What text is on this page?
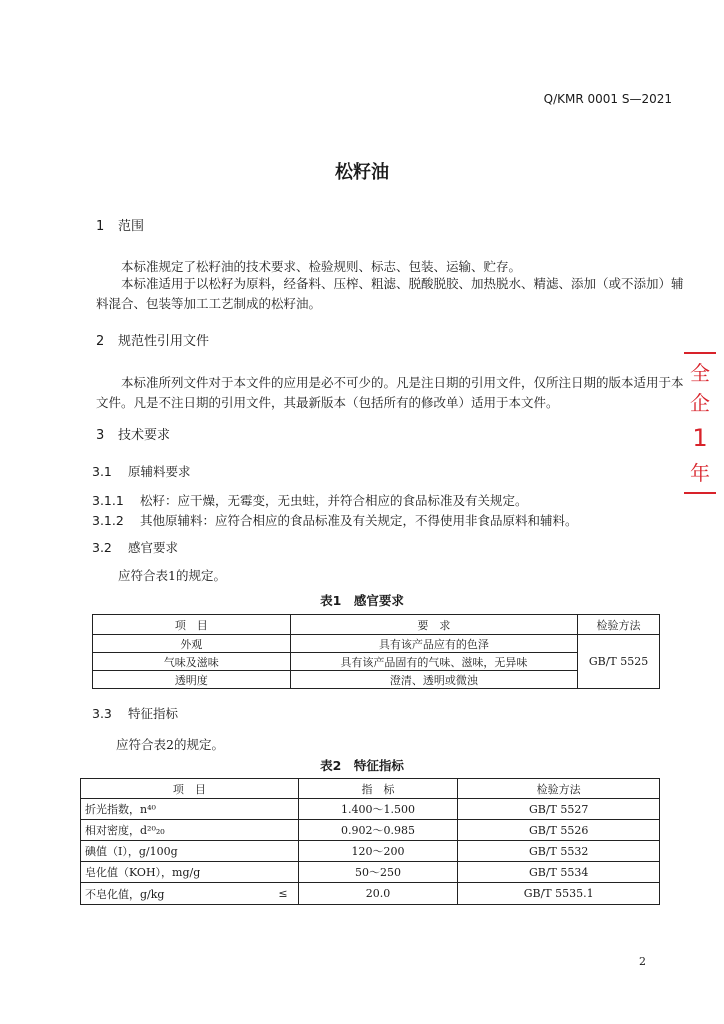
Q/KMR 0001 S—2021
松籽油
1 范围
本标准规定了松籽油的技术要求、检验规则、标志、包装、运输、贮存。
本标准适用于以松籽为原料，经备料、压榨、粗滤、脱酸脱胶、加热脱水、精滤、添加（或不添加）辅料混合、包装等加工工艺制成的松籽油。
2 规范性引用文件
本标准所列文件对于本文件的应用是必不可少的。凡是注日期的引用文件，仅所注日期的版本适用于本文件。凡是不注日期的引用文件，其最新版本（包括所有的修改单）适用于本文件。
3 技术要求
3.1 原辅料要求
3.1.1 松籽：应干燥，无霉变，无虫蛀，并符合相应的食品标准及有关规定。
3.1.2 其他原辅料：应符合相应的食品标准及有关规定，不得使用非食品原料和辅料。
3.2 感官要求
应符合表1的规定。
表1　感官要求
项　目	要　求	检验方法
外观	具有该产品应有的色泽	GB/T 5525
气味及滋味	具有该产品固有的气味、滋味，无异味	
透明度	澄清、透明或微浊	
3.3 特征指标
应符合表2的规定。
表2　特征指标
项　目		指　标	检验方法
折光指数，n⁴⁰		1.400～1.500	GB/T 5527
相对密度，d²⁰₂₀		0.902～0.985	GB/T 5526
碘值（I），g/100g		120～200	GB/T 5532
皂化值（KOH），mg/g		50～250	GB/T 5534
不皂化值，g/kg	≤	20.0	GB/T 5535.1
全企
1
年
2
